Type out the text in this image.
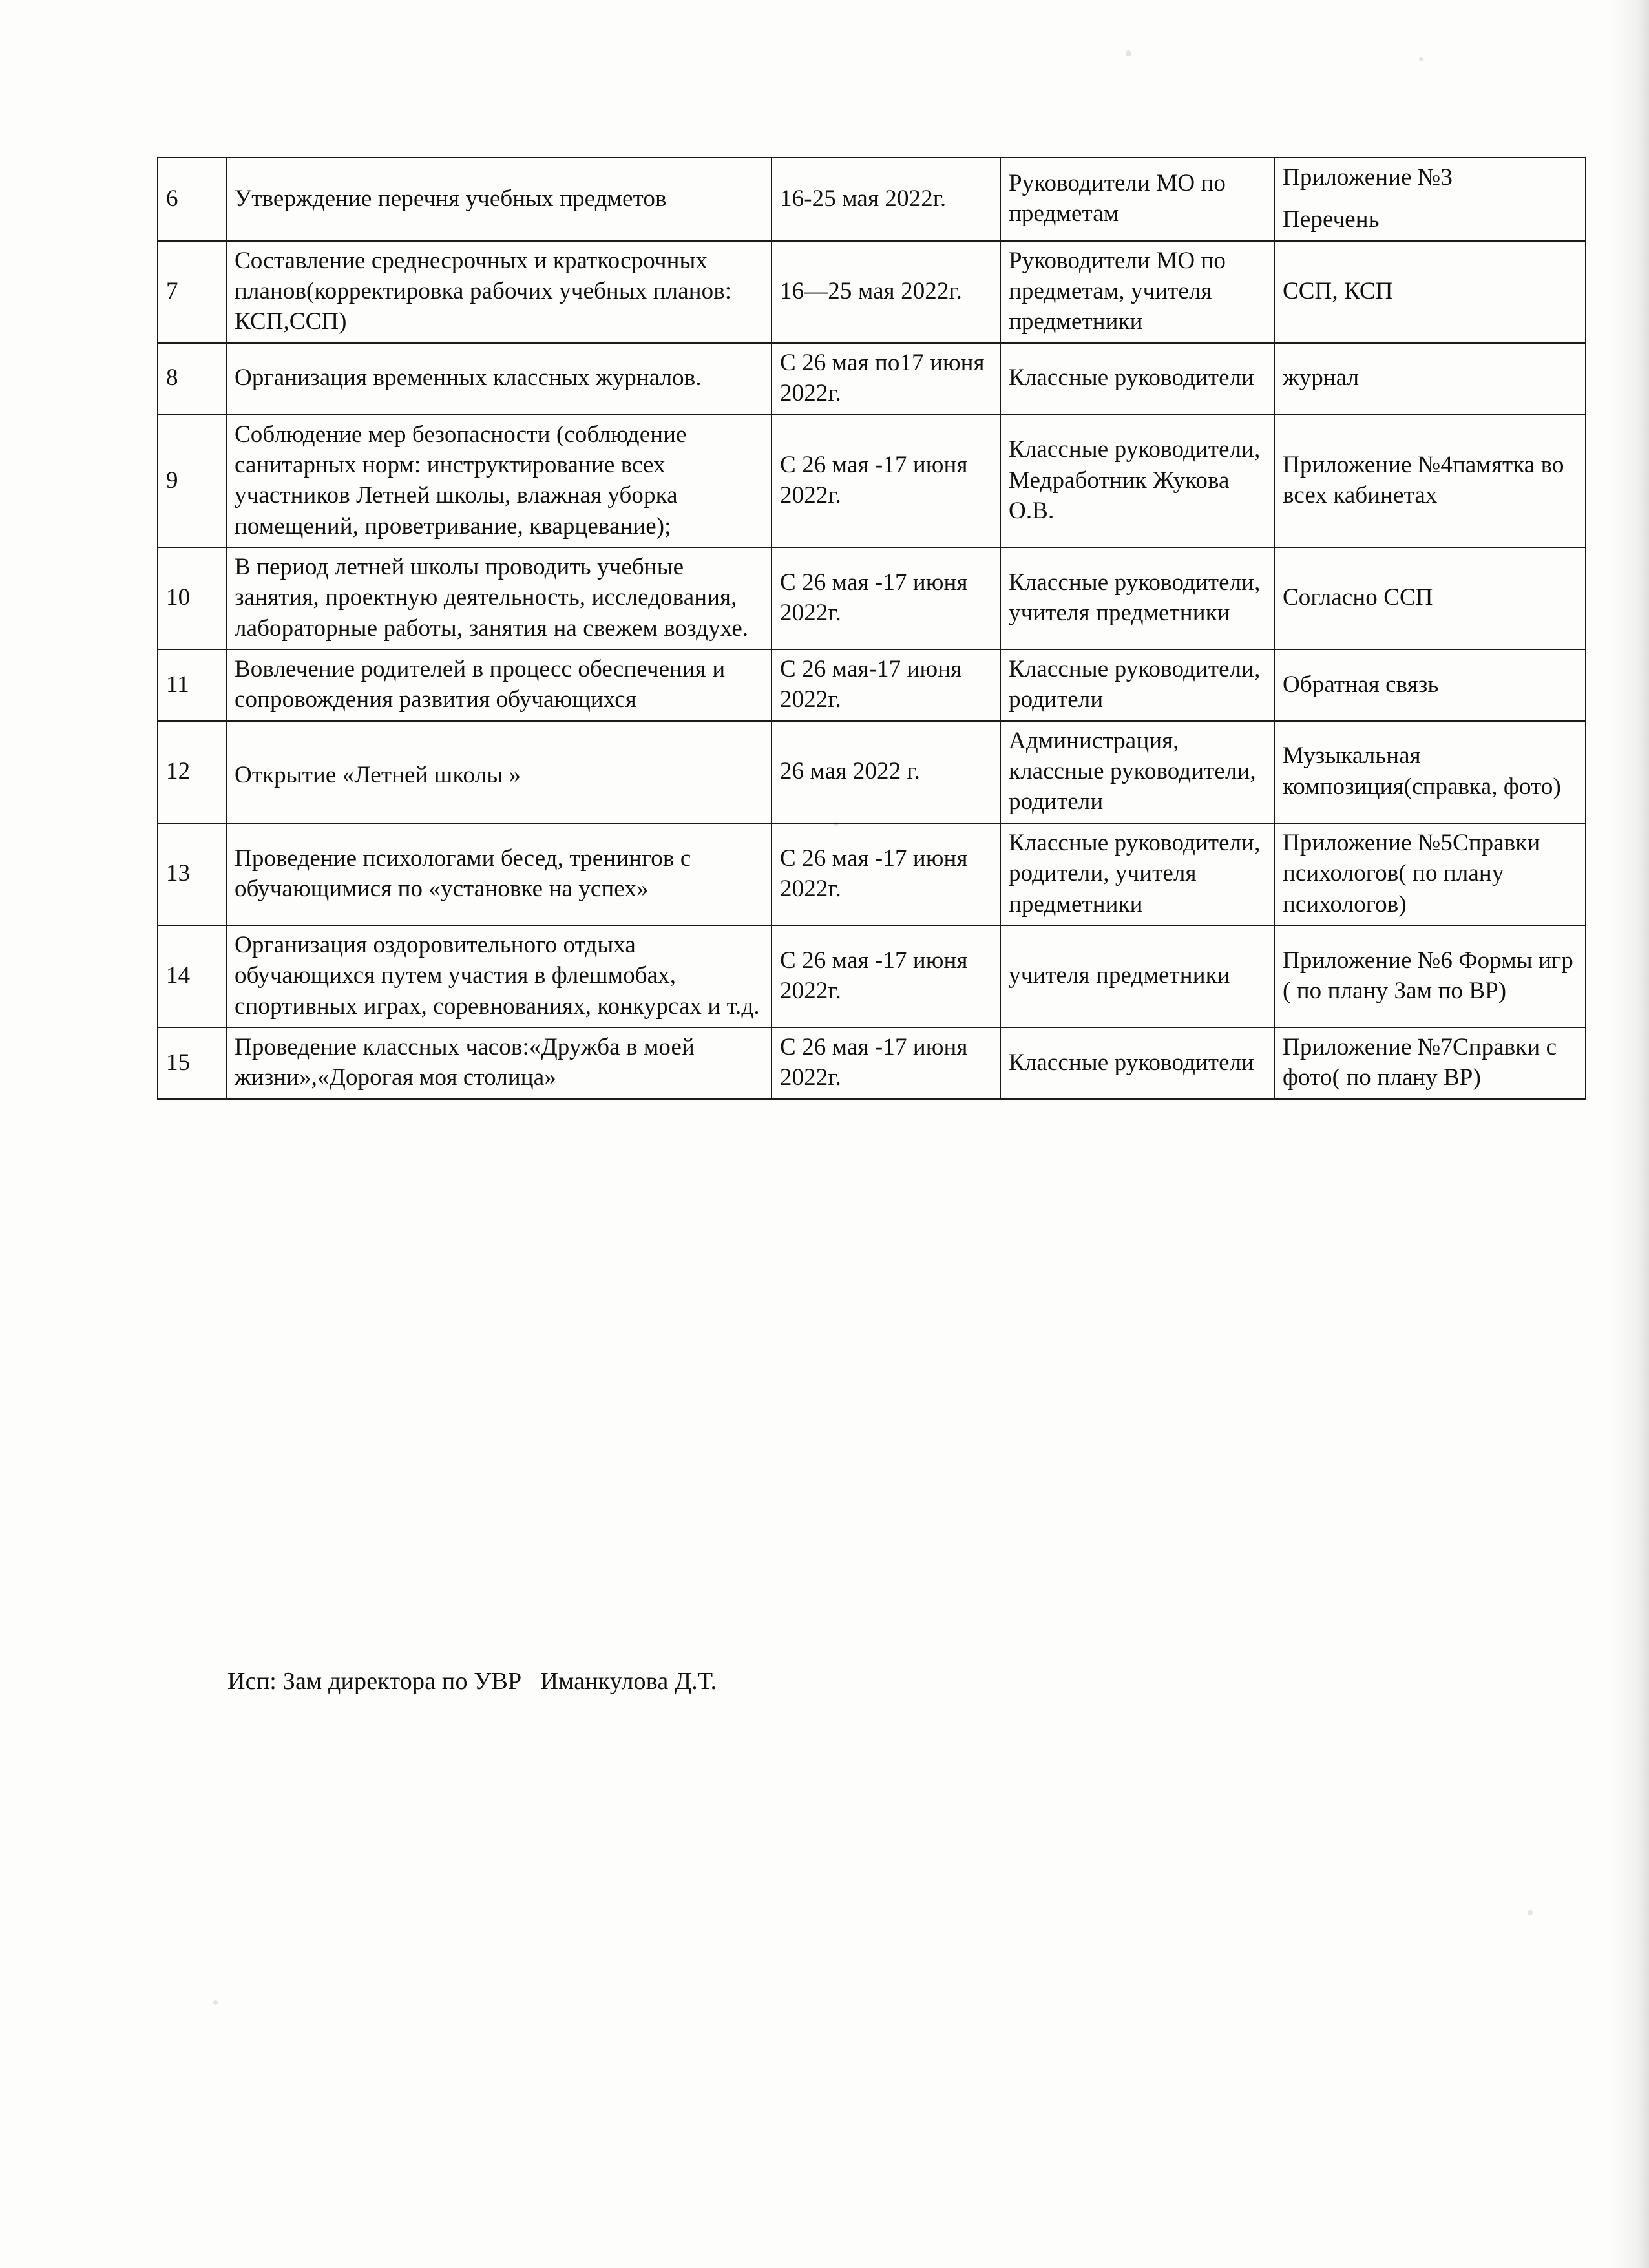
6	Утверждение перечня учебных предметов	16-25 мая 2022г.	Руководители МО по предметам	Приложение №3
Перечень

7	Составление среднесрочных и краткосрочных планов(корректировка рабочих учебных планов: КСП,ССП)	16—25 мая 2022г.	Руководители МО по предметам, учителя предметники	ССП, КСП
8	Организация временных классных журналов.	С 26 мая по17 июня 2022г.	Классные руководители	журнал
9	Соблюдение мер безопасности (соблюдение санитарных норм: инструктирование всех участников Летней школы, влажная уборка помещений, проветривание, кварцевание);	С 26 мая -17 июня 2022г.	Классные руководители, Медработник Жукова О.В.	Приложение №4памятка во всех кабинетах
10	В период летней школы проводить учебные занятия, проектную деятельность, исследования, лабораторные работы, занятия на свежем воздухе.	С 26 мая -17 июня 2022г.	Классные руководители, учителя предметники	Согласно ССП
11	Вовлечение родителей в процесс обеспечения и сопровождения развития обучающихся	С 26 мая-17 июня 2022г.	Классные руководители, родители	Обратная связь
12	Открытие «Летней школы »	26 мая 2022 г.	Администрация, классные руководители, родители	Музыкальная композиция(справка, фото)
13	Проведение психологами бесед, тренингов с обучающимися по «установке на успех»	С 26 мая -17 июня 2022г.	Классные руководители, родители, учителя предметники	Приложение №5Справки психологов( по плану психологов)
14	Организация оздоровительного отдыха обучающихся путем участия в флешмобах, спортивных играх, соревнованиях, конкурсах и т.д.	С 26 мая -17 июня 2022г.	учителя предметники	Приложение №6 Формы игр ( по плану Зам по ВР)
15	Проведение классных часов:«Дружба в моей жизни»,«Дорогая моя столица»	С 26 мая -17 июня 2022г.	Классные руководители	Приложение №7Справки с фото( по плану ВР)
Исп: Зам директора по УВР   Иманкулова Д.Т.
